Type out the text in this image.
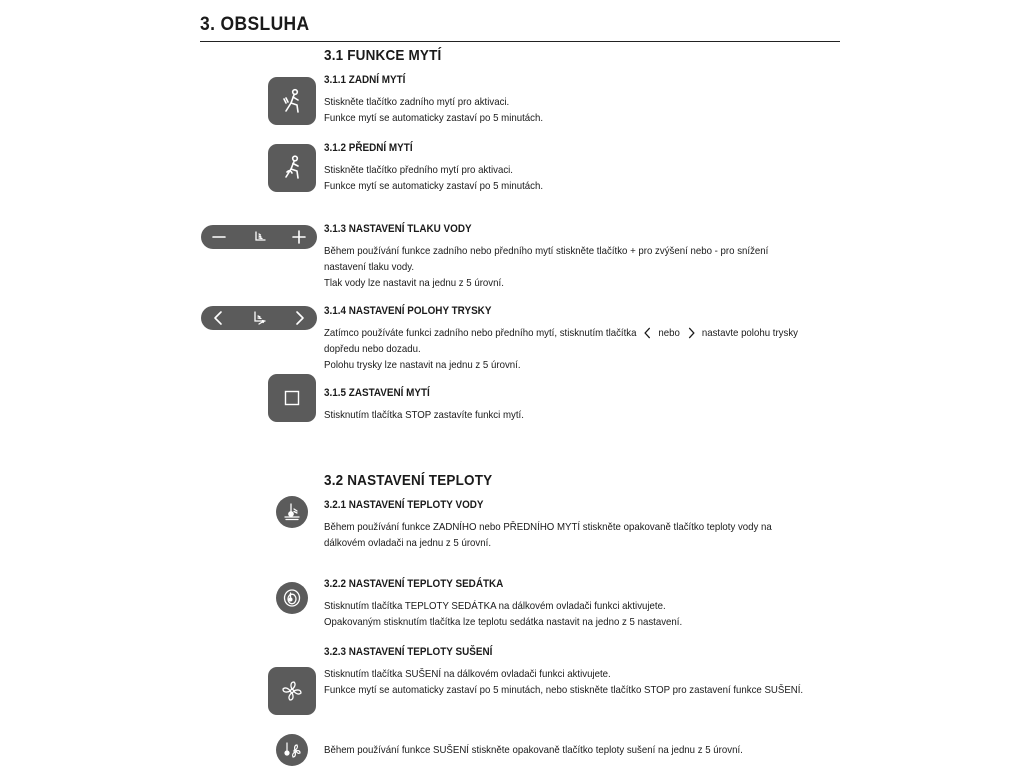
3. OBSLUHA
3.1 FUNKCE MYTÍ
3.1.1 ZADNÍ MYTÍ
Stiskněte tlačítko zadního mytí pro aktivaci.
Funkce mytí se automaticky zastaví po 5 minutách.
3.1.2 PŘEDNÍ MYTÍ
Stiskněte tlačítko předního mytí pro aktivaci.
Funkce mytí se automaticky zastaví po 5 minutách.
3.1.3 NASTAVENÍ TLAKU VODY
Během používání funkce zadního nebo předního mytí stiskněte tlačítko + pro zvýšení nebo - pro snížení
nastavení tlaku vody.
Tlak vody lze nastavit na jednu z 5 úrovní.
3.1.4 NASTAVENÍ POLOHY TRYSKY
Zatímco používáte funkci zadního nebo předního mytí, stisknutím tlačítka nebo nastavte polohu trysky
dopředu nebo dozadu.
Polohu trysky lze nastavit na jednu z 5 úrovní.
3.1.5 ZASTAVENÍ MYTÍ
Stisknutím tlačítka STOP zastavíte funkci mytí.
3.2 NASTAVENÍ TEPLOTY
3.2.1 NASTAVENÍ TEPLOTY VODY
Během používání funkce ZADNÍHO nebo PŘEDNÍHO MYTÍ stiskněte opakovaně tlačítko teploty vody na
dálkovém ovladači na jednu z 5 úrovní.
3.2.2 NASTAVENÍ TEPLOTY SEDÁTKA
Stisknutím tlačítka TEPLOTY SEDÁTKA na dálkovém ovladači funkci aktivujete.
Opakovaným stisknutím tlačítka lze teplotu sedátka nastavit na jedno z 5 nastavení.
3.2.3 NASTAVENÍ TEPLOTY SUŠENÍ
Stisknutím tlačítka SUŠENÍ na dálkovém ovladači funkci aktivujete.
Funkce mytí se automaticky zastaví po 5 minutách, nebo stiskněte tlačítko STOP pro zastavení funkce SUŠENÍ.
Během používání funkce SUŠENÍ stiskněte opakovaně tlačítko teploty sušení na jednu z 5 úrovní.
